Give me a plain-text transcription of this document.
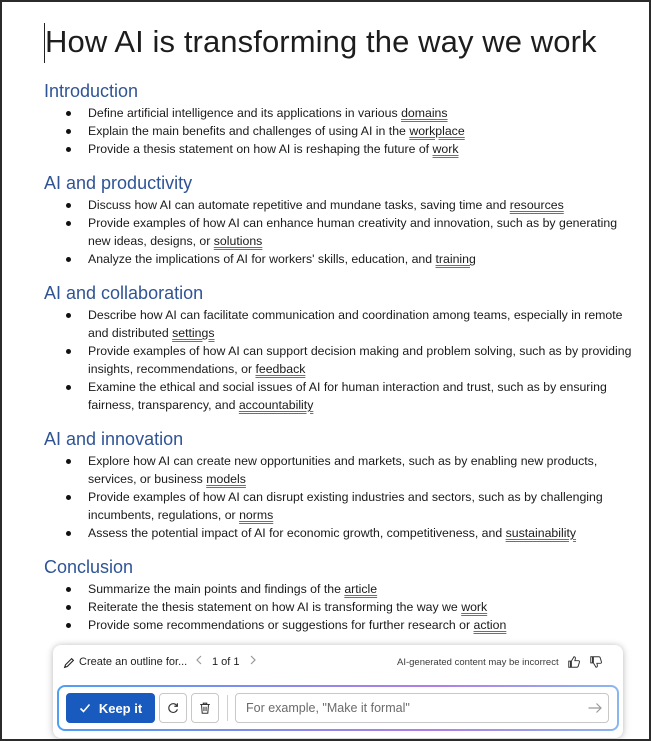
How AI is transforming the way we work
Introduction
Define artificial intelligence and its applications in various domains
Explain the main benefits and challenges of using AI in the workplace
Provide a thesis statement on how AI is reshaping the future of work
AI and productivity
Discuss how AI can automate repetitive and mundane tasks, saving time and resources
Provide examples of how AI can enhance human creativity and innovation, such as by generating new ideas, designs, or solutions
Analyze the implications of AI for workers' skills, education, and training
AI and collaboration
Describe how AI can facilitate communication and coordination among teams, especially in remote and distributed settings
Provide examples of how AI can support decision making and problem solving, such as by providing insights, recommendations, or feedback
Examine the ethical and social issues of AI for human interaction and trust, such as by ensuring fairness, transparency, and accountability
AI and innovation
Explore how AI can create new opportunities and markets, such as by enabling new products, services, or business models
Provide examples of how AI can disrupt existing industries and sectors, such as by challenging incumbents, regulations, or norms
Assess the potential impact of AI for economic growth, competitiveness, and sustainability
Conclusion
Summarize the main points and findings of the article
Reiterate the thesis statement on how AI is transforming the way we work
Provide some recommendations or suggestions for further research or action
Create an outline for... 1 of 1	AI-generated content may be incorrect
Keep it
For example, "Make it formal"
